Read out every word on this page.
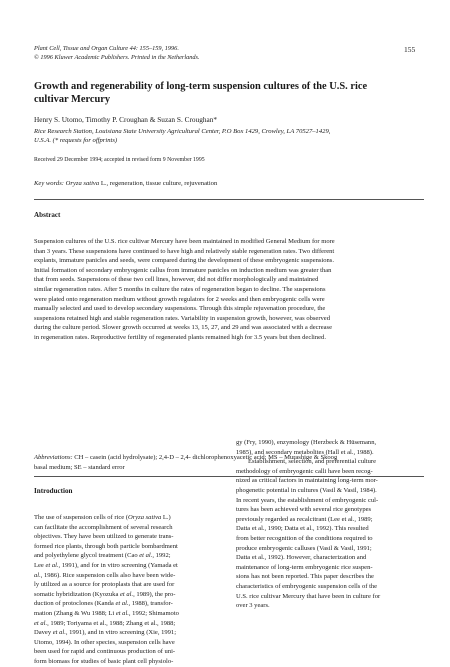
Plant Cell, Tissue and Organ Culture 44: 155–159, 1996.
© 1996 Kluwer Academic Publishers. Printed in the Netherlands.
155
Growth and regenerability of long-term suspension cultures of the U.S. rice
cultivar Mercury
Henry S. Utomo, Timothy P. Croughan & Suzan S. Croughan*
Rice Research Station, Louisiana State University Agricultural Center, P.O Box 1429, Crowley, LA 70527–1429,
U.S.A. (* requests for offprints)
Received 29 December 1994; accepted in revised form 9 November 1995
Key words: Oryza sativa L., regeneration, tissue culture, rejuvenation
Abstract
Suspension cultures of the U.S. rice cultivar Mercury have been maintained in modified General Medium for more
than 3 years. These suspensions have continued to have high and relatively stable regeneration rates. Two different
explants, immature panicles and seeds, were compared during the development of these embryogenic suspensions.
Initial formation of secondary embryogenic callus from immature panicles on induction medium was greater than
that from seeds. Suspensions of these two cell lines, however, did not differ morphologically and maintained
similar regeneration rates. After 5 months in culture the rates of regeneration began to decline. The suspensions
were plated onto regeneration medium without growth regulators for 2 weeks and then embryogenic cells were
manually selected and used to develop secondary suspensions. Through this simple rejuvenation procedure, the
suspensions retained high and stable regeneration rates. Variability in suspension growth, however, was observed
during the culture period. Slower growth occurred at weeks 13, 15, 27, and 29 and was associated with a decrease
in regeneration rates. Reproductive fertility of regenerated plants remained high for 3.5 years but then declined.
Abbreviations: CH – casein (acid hydrolysate); 2,4-D – 2,4- dichlorophenoxyacetic acid; MS – Murashige & Skoog
basal medium; SE – standard error
Introduction
The use of suspension cells of rice (Oryza sativa L.)
can facilitate the accomplishment of several research
objectives. They have been utilized to generate trans-
formed rice plants, through both particle bombardment
and polyethylene glycol treatment (Cao et al., 1992;
Lee et al., 1991), and for in vitro screening (Yamada et
al., 1986). Rice suspension cells also have been wide-
ly utilized as a source for protoplasts that are used for
somatic hybridization (Kyozuka et al., 1989), the pro-
duction of protoclones (Kanda et al., 1988), transfor-
mation (Zhang & Wu 1988; Li et al., 1992; Shimamoto
et al., 1989; Toriyama et al., 1988; Zhang et al., 1988;
Davey et al., 1991), and in vitro screening (Xie, 1991;
Utomo, 1994). In other species, suspension cells have
been used for rapid and continuous production of uni-
form biomass for studies of basic plant cell physiolo-
gy (Fry, 1990), enzymology (Herzbeck & Hüsemann,
1985), and secondary metabolites (Hall et al., 1988).
Establishment, selection, and preferential culture
methodology of embryogenic calli have been recog-
nized as critical factors in maintaining long-term mor-
phogenetic potential in cultures (Vasil & Vasil, 1984).
In recent years, the establishment of embryogenic cul-
tures has been achieved with several rice genotypes
previously regarded as recalcitrant (Lee et al., 1989;
Datta et al., 1990; Datta et al., 1992). This resulted
from better recognition of the conditions required to
produce embryogenic calluses (Vasil & Vasil, 1991;
Datta et al., 1992). However, characterization and
maintenance of long-term embryogenic rice suspen-
sions has not been reported. This paper describes the
characteristics of embryogenic suspension cells of the
U.S. rice cultivar Mercury that have been in culture for
over 3 years.
